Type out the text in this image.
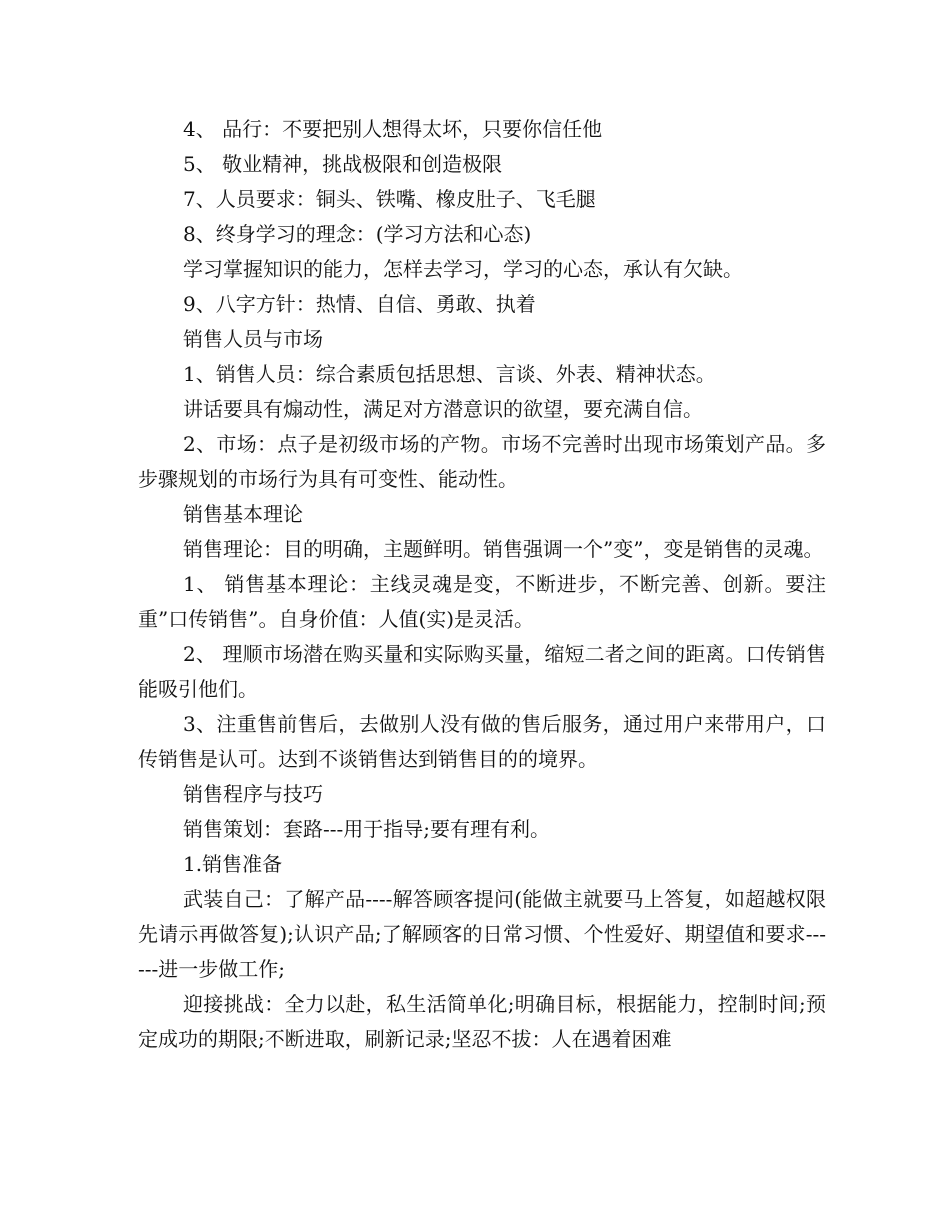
4、 品行：不要把别人想得太坏，只要你信任他

5、 敬业精神，挑战极限和创造极限

7、人员要求：铜头、铁嘴、橡皮肚子、飞毛腿

8、终身学习的理念：(学习方法和心态)

学习掌握知识的能力，怎样去学习，学习的心态，承认有欠缺。

9、八字方针：热情、自信、勇敢、执着

销售人员与市场

1、销售人员：综合素质包括思想、言谈、外表、精神状态。

讲话要具有煽动性，满足对方潜意识的欲望，要充满自信。

2、市场：点子是初级市场的产物。市场不完善时出现市场策划产品。多步骤规划的市场行为具有可变性、能动性。

销售基本理论

销售理论：目的明确，主题鲜明。销售强调一个”变”，变是销售的灵魂。

1、 销售基本理论：主线灵魂是变，不断进步，不断完善、创新。要注重”口传销售”。自身价值：人值(实)是灵活。

2、 理顺市场潜在购买量和实际购买量，缩短二者之间的距离。口传销售能吸引他们。

3、注重售前售后，去做别人没有做的售后服务，通过用户来带用户，口传销售是认可。达到不谈销售达到销售目的的境界。

销售程序与技巧

销售策划：套路---用于指导;要有理有利。

1.销售准备

武装自己：了解产品----解答顾客提问(能做主就要马上答复，如超越权限先请示再做答复);认识产品;了解顾客的日常习惯、个性爱好、期望值和要求------进一步做工作;

迎接挑战：全力以赴，私生活简单化;明确目标，根据能力，控制时间;预定成功的期限;不断进取，刷新记录;坚忍不拔：人在遇着困难
